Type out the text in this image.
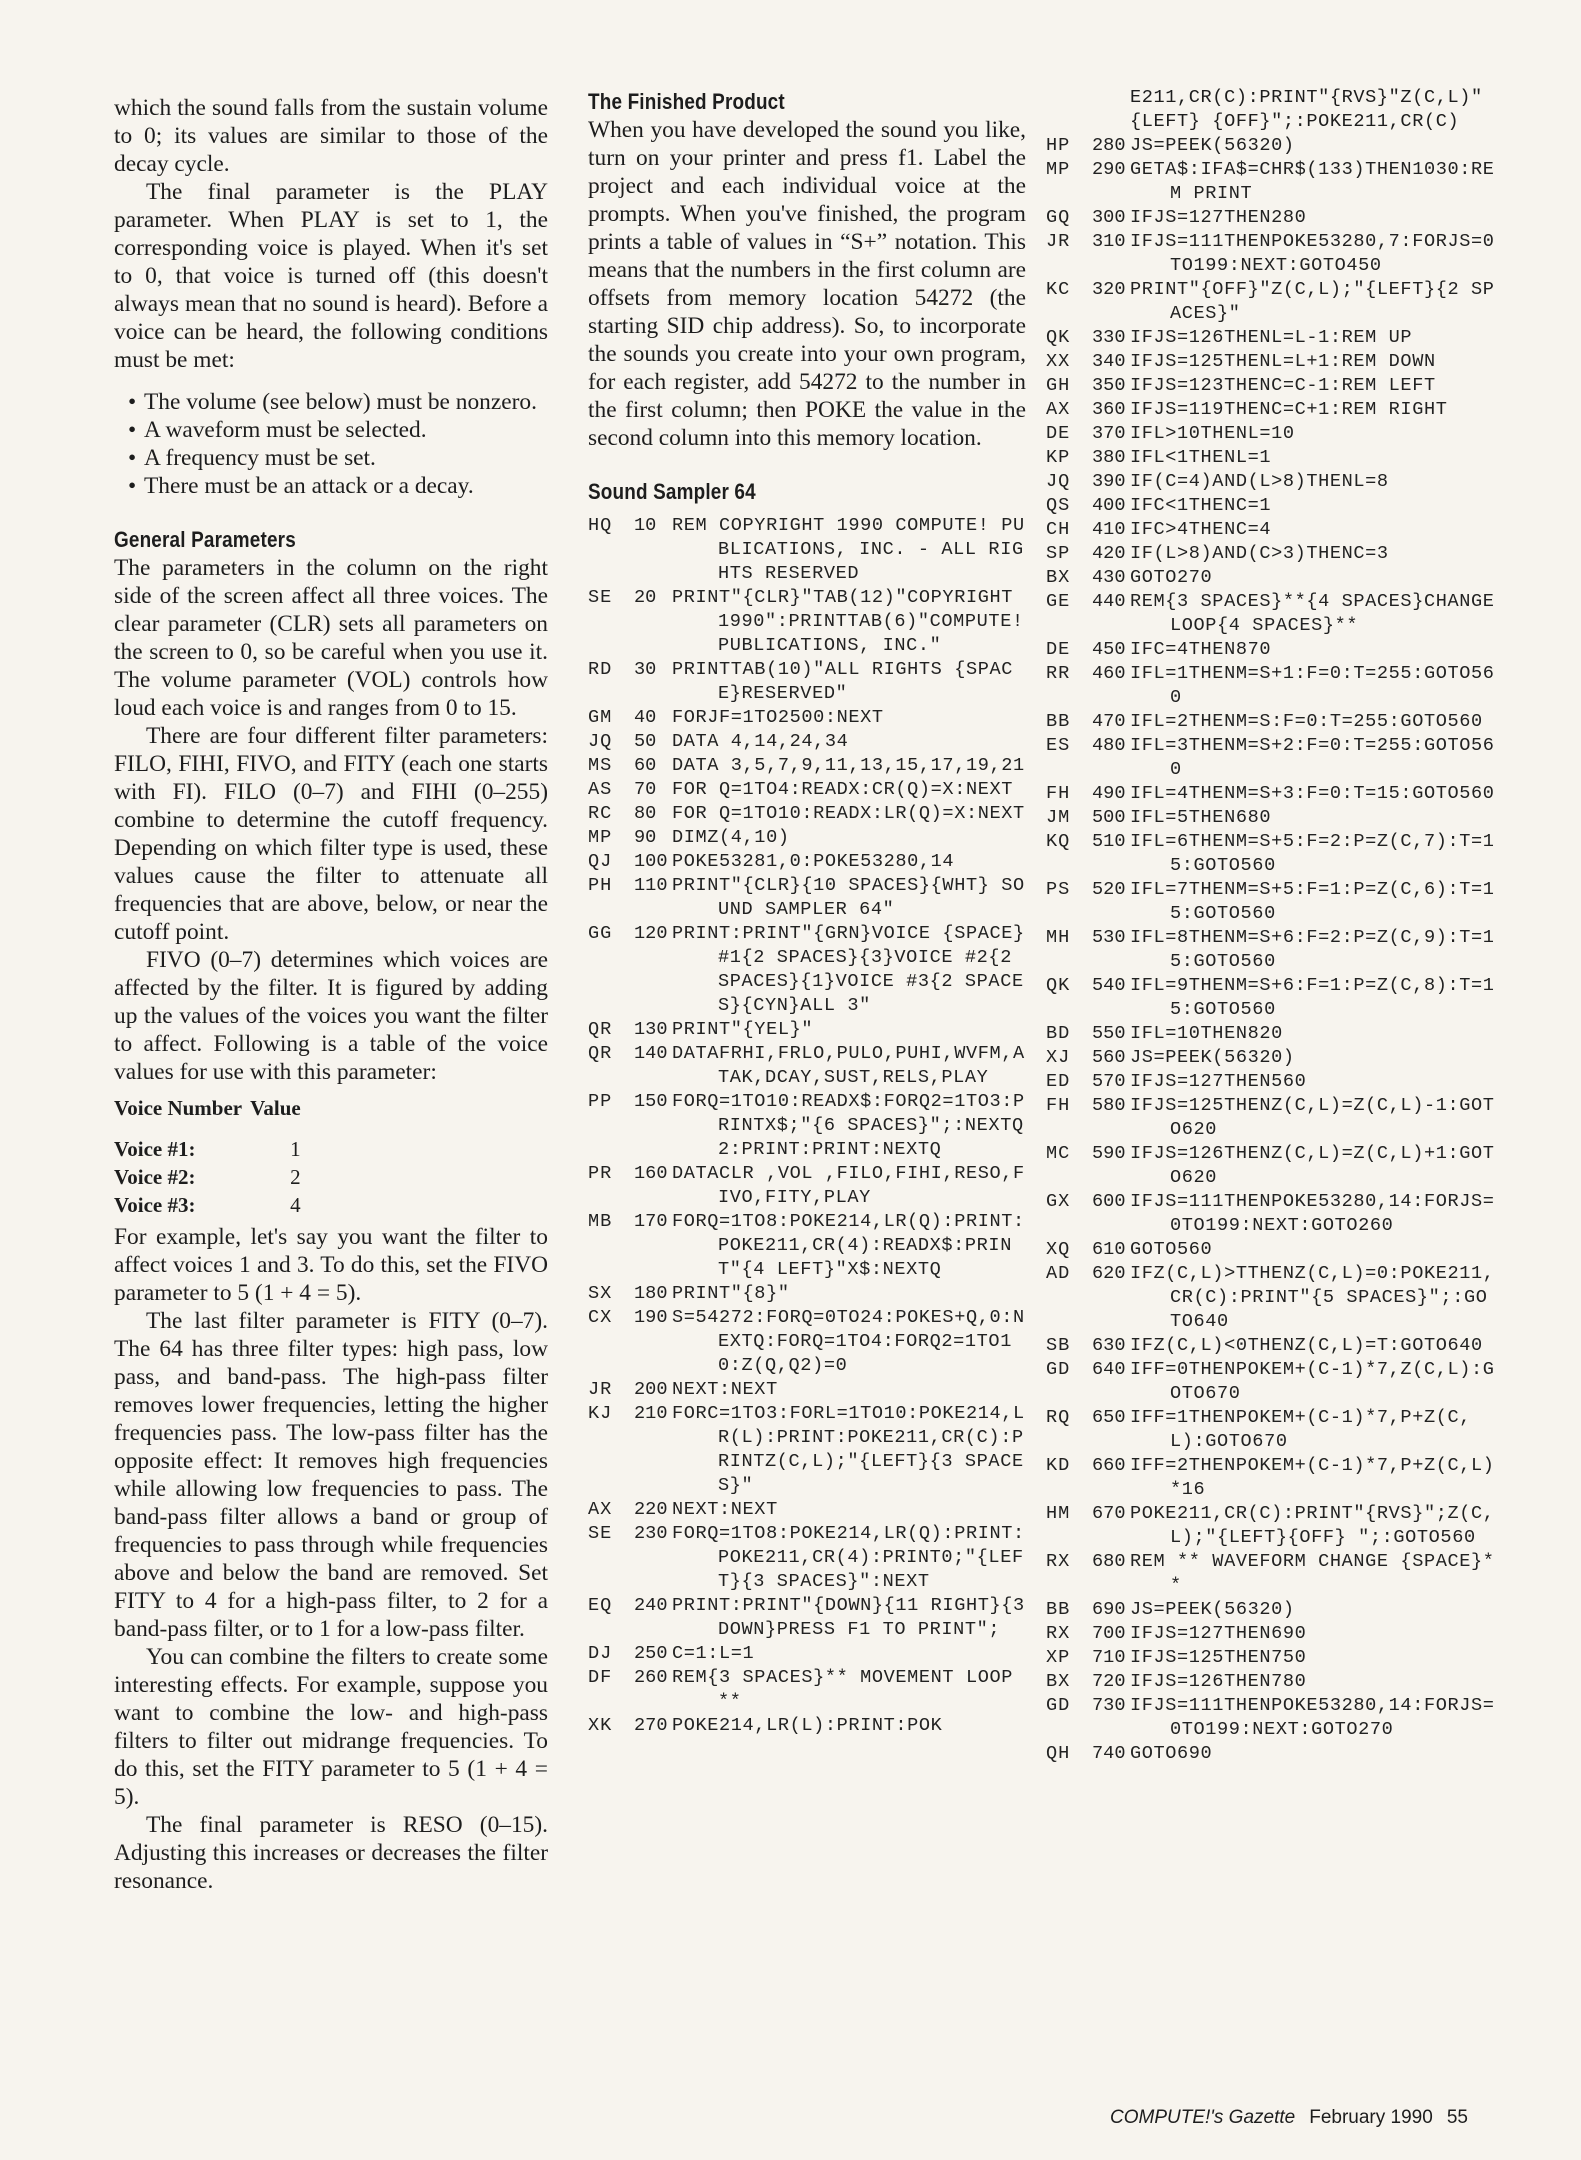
which the sound falls from the sustain volume to 0; its values are similar to those of the decay cycle.

The final parameter is the PLAY parameter. When PLAY is set to 1, the corresponding voice is played. When it's set to 0, that voice is turned off (this doesn't always mean that no sound is heard). Before a voice can be heard, the following conditions must be met:

• The volume (see below) must be nonzero.
• A waveform must be selected.
• A frequency must be set.
• There must be an attack or a decay.
General Parameters

The parameters in the column on the right side of the screen affect all three voices. The clear parameter (CLR) sets all parameters on the screen to 0, so be careful when you use it. The volume parameter (VOL) controls how loud each voice is and ranges from 0 to 15.

There are four different filter parameters: FILO, FIHI, FIVO, and FITY (each one starts with FI). FILO (0–7) and FIHI (0–255) combine to determine the cutoff frequency. Depending on which filter type is used, these values cause the filter to attenuate all frequencies that are above, below, or near the cutoff point.

FIVO (0–7) determines which voices are affected by the filter. It is figured by adding up the values of the voices you want the filter to affect. Following is a table of the voice values for use with this parameter:

Voice Number	Value
Voice #1:	1
Voice #2:	2
Voice #3:	4

For example, let's say you want the filter to affect voices 1 and 3. To do this, set the FIVO parameter to 5 (1 + 4 = 5).

The last filter parameter is FITY (0–7). The 64 has three filter types: high pass, low pass, and band-pass. The high-pass filter removes lower frequencies, letting the higher frequencies pass. The low-pass filter has the opposite effect: It removes high frequencies while allowing low frequencies to pass. The band-pass filter allows a band or group of frequencies to pass through while frequencies above and below the band are removed. Set FITY to 4 for a high-pass filter, to 2 for a band-pass filter, or to 1 for a low-pass filter.

You can combine the filters to create some interesting effects. For example, suppose you want to combine the low- and high-pass filters to filter out midrange frequencies. To do this, set the FITY parameter to 5 (1 + 4 = 5).

The final parameter is RESO (0–15). Adjusting this increases or decreases the filter resonance.

The Finished Product

When you have developed the sound you like, turn on your printer and press f1. Label the project and each individual voice at the prompts. When you've finished, the program prints a table of values in “S+” notation. This means that the numbers in the first column are offsets from memory location 54272 (the starting SID chip address). So, to incorporate the sounds you create into your own program, for each register, add 54272 to the number in the first column; then POKE the value in the second column into this memory location.

Sound Sampler 64
HQ	10 REM COPYRIGHT 1990 COMPUTE! PUBLICATIONS, INC. - ALL RIGHTS RESERVED
SE	20 PRINT"{CLR}"TAB(12)"COPYRIGHT 1990":PRINTTAB(6)"COMPUTE! PUBLICATIONS, INC."
RD	30 PRINTTAB(10)"ALL RIGHTS {SPACE}RESERVED"
GM	40 FORJF=1TO2500:NEXT
JQ	50 DATA 4,14,24,34
MS	60 DATA 3,5,7,9,11,13,15,17,19,21
AS	70 FOR Q=1TO4:READX:CR(Q)=X:NEXT
RC	80 FOR Q=1TO10:READX:LR(Q)=X:NEXT
MP	90 DIMZ(4,10)
QJ	100 POKE53281,0:POKE53280,14
PH	110 PRINT"{CLR}{10 SPACES}{WHT} SOUND SAMPLER 64"
GG	120 PRINT:PRINT"{GRN}VOICE {SPACE}#1{2 SPACES}{3}VOICE #2{2 SPACES}{1}VOICE #3{2 SPACES}{CYN}ALL 3"
QR	130 PRINT"{YEL}"
QR	140 DATAFRHI,FRLO,PULO,PUHI,WVFM,ATAK,DCAY,SUST,RELS,PLAY
PP	150 FORQ=1TO10:READX$:FORQ2=1TO3:PRINTX$;"{6 SPACES}";:NEXTQ2:PRINT:PRINT:NEXTQ
PR	160 DATACLR ,VOL ,FILO,FIHI,RESO,FIVO,FITY,PLAY
MB	170 FORQ=1TO8:POKE214,LR(Q):PRINT:POKE211,CR(4):READX$:PRINT"{4 LEFT}"X$:NEXTQ
SX	180 PRINT"{8}"
CX	190 S=54272:FORQ=0TO24:POKES+Q,0:NEXTQ:FORQ=1TO4:FORQ2=1TO10:Z(Q,Q2)=0
JR	200 NEXT:NEXT
KJ	210 FORC=1TO3:FORL=1TO10:POKE214,LR(L):PRINT:POKE211,CR(C):PRINTZ(C,L);"{LEFT}{3 SPACES}"
AX	220 NEXT:NEXT
SE	230 FORQ=1TO8:POKE214,LR(Q):PRINT:POKE211,CR(4):PRINT0;"{LEFT}{3 SPACES}":NEXT
EQ	240 PRINT:PRINT"{DOWN}{11 RIGHT}{3 DOWN}PRESS F1 TO PRINT";
DJ	250 C=1:L=1
DF	260 REM{3 SPACES}** MOVEMENT LOOP **
XK	270 POKE214,LR(L):PRINT:POK
E211,CR(C):PRINT"{RVS}"Z(C,L)"{LEFT} {OFF}";:POKE211,CR(C)
HP	280 JS=PEEK(56320)
MP	290 GETA$:IFA$=CHR$(133)THEN1030:REM PRINT
GQ	300 IFJS=127THEN280
JR	310 IFJS=111THENPOKE53280,7:FORJS=0TO199:NEXT:GOTO450
KC	320 PRINT"{OFF}"Z(C,L);"{LEFT}{2 SPACES}"
QK	330 IFJS=126THENL=L-1:REM UP
XX	340 IFJS=125THENL=L+1:REM DOWN
GH	350 IFJS=123THENC=C-1:REM LEFT
AX	360 IFJS=119THENC=C+1:REM RIGHT
DE	370 IFL>10THENL=10
KP	380 IFL<1THENL=1
JQ	390 IF(C=4)AND(L>8)THENL=8
QS	400 IFC<1THENC=1
CH	410 IFC>4THENC=4
SP	420 IF(L>8)AND(C>3)THENC=3
BX	430 GOTO270
GE	440 REM{3 SPACES}**{4 SPACES}CHANGE LOOP{4 SPACES}**
DE	450 IFC=4THEN870
RR	460 IFL=1THENM=S+1:F=0:T=255:GOTO560
BB	470 IFL=2THENM=S:F=0:T=255:GOTO560
ES	480 IFL=3THENM=S+2:F=0:T=255:GOTO560
FH	490 IFL=4THENM=S+3:F=0:T=15:GOTO560
JM	500 IFL=5THEN680
KQ	510 IFL=6THENM=S+5:F=2:P=Z(C,7):T=15:GOTO560
PS	520 IFL=7THENM=S+5:F=1:P=Z(C,6):T=15:GOTO560
MH	530 IFL=8THENM=S+6:F=2:P=Z(C,9):T=15:GOTO560
QK	540 IFL=9THENM=S+6:F=1:P=Z(C,8):T=15:GOTO560
BD	550 IFL=10THEN820
XJ	560 JS=PEEK(56320)
ED	570 IFJS=127THEN560
FH	580 IFJS=125THENZ(C,L)=Z(C,L)-1:GOTO620
MC	590 IFJS=126THENZ(C,L)=Z(C,L)+1:GOTO620
GX	600 IFJS=111THENPOKE53280,14:FORJS=0TO199:NEXT:GOTO260
XQ	610 GOTO560
AD	620 IFZ(C,L)>TTHENZ(C,L)=0:POKE211,CR(C):PRINT"{5 SPACES}";:GOTO640
SB	630 IFZ(C,L)<0THENZ(C,L)=T:GOTO640
GD	640 IFF=0THENPOKEM+(C-1)*7,Z(C,L):GOTO670
RQ	650 IFF=1THENPOKEM+(C-1)*7,P+Z(C,L):GOTO670
KD	660 IFF=2THENPOKEM+(C-1)*7,P+Z(C,L)*16
HM	670 POKE211,CR(C):PRINT"{RVS}";Z(C,L);"{LEFT}{OFF} ";:GOTO560
RX	680 REM ** WAVEFORM CHANGE {SPACE}**
BB	690 JS=PEEK(56320)
RX	700 IFJS=127THEN690
XP	710 IFJS=125THEN750
BX	720 IFJS=126THEN780
GD	730 IFJS=111THENPOKE53280,14:FORJS=0TO199:NEXT:GOTO270
QH	740 GOTO690
COMPUTE!'s Gazette February 1990 55
